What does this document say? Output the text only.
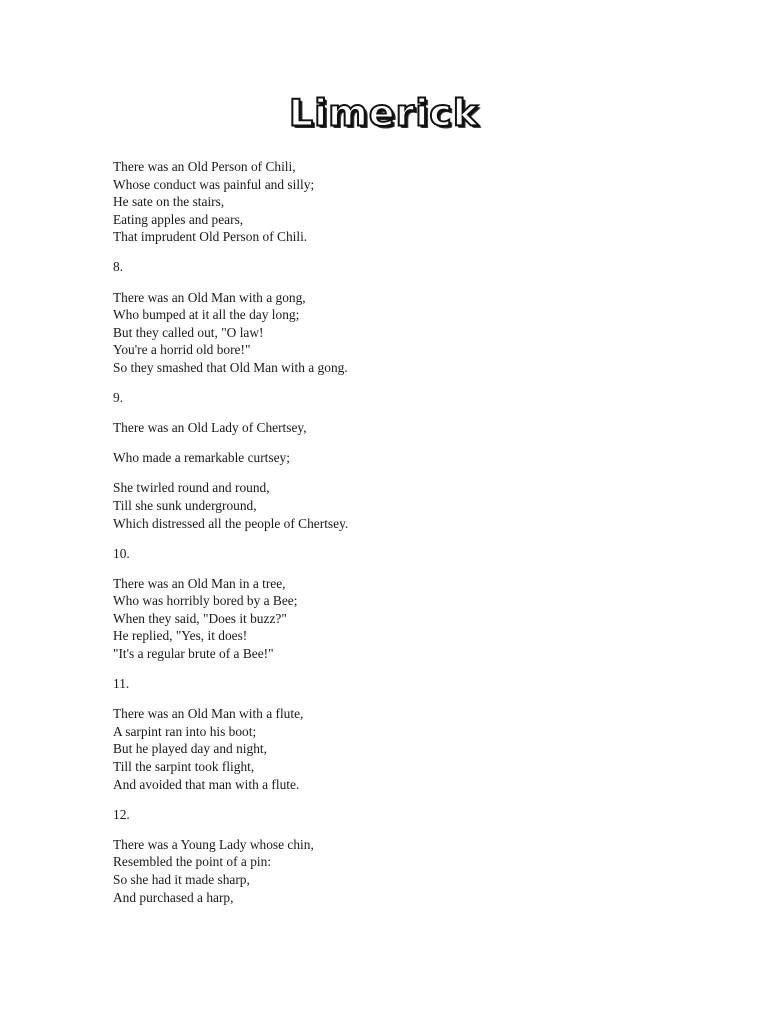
Limerick
There was an Old Person of Chili,
Whose conduct was painful and silly;
He sate on the stairs,
Eating apples and pears,
That imprudent Old Person of Chili.
8.
There was an Old Man with a gong,
Who bumped at it all the day long;
But they called out, "O law!
You're a horrid old bore!"
So they smashed that Old Man with a gong.
9.
There was an Old Lady of Chertsey,
Who made a remarkable curtsey;
She twirled round and round,
Till she sunk underground,
Which distressed all the people of Chertsey.
10.
There was an Old Man in a tree,
Who was horribly bored by a Bee;
When they said, "Does it buzz?"
He replied, "Yes, it does!
"It's a regular brute of a Bee!"
11.
There was an Old Man with a flute,
A sarpint ran into his boot;
But he played day and night,
Till the sarpint took flight,
And avoided that man with a flute.
12.
There was a Young Lady whose chin,
Resembled the point of a pin:
So she had it made sharp,
And purchased a harp,
